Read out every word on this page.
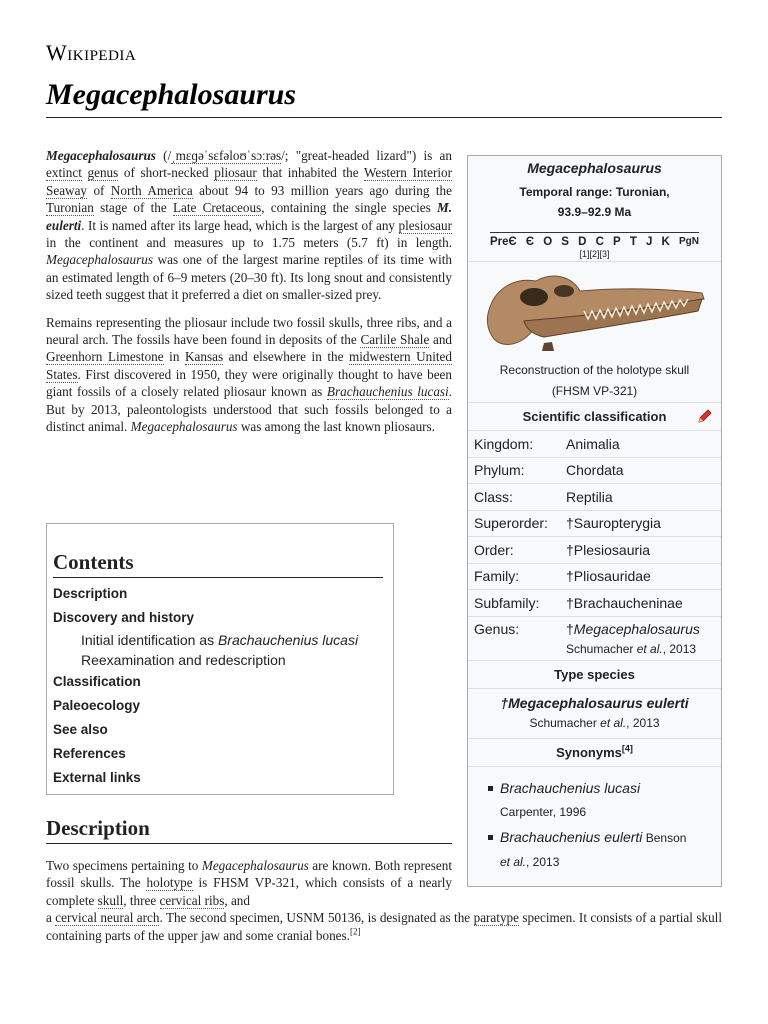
Wikipedia
Megacephalosaurus

Megacephalosaurus (/ˌmɛɡəˈsɛfəloʊˈsɔːrəs/; "great-headed lizard") is an extinct genus of short-necked pliosaur that inhabited the Western Interior Seaway of North America about 94 to 93 million years ago during the Turonian stage of the Late Cretaceous, containing the single species M. eulerti. It is named after its large head, which is the largest of any plesiosaur in the continent and measures up to 1.75 meters (5.7 ft) in length. Megacephalosaurus was one of the largest marine reptiles of its time with an estimated length of 6–9 meters (20–30 ft). Its long snout and consistently sized teeth suggest that it preferred a diet on smaller-sized prey.

Remains representing the pliosaur include two fossil skulls, three ribs, and a neural arch. The fossils have been found in deposits of the Carlile Shale and Greenhorn Limestone in Kansas and elsewhere in the midwestern United States. First discovered in 1950, they were originally thought to have been giant fossils of a closely related pliosaur known as Brachauchenius lucasi. But by 2013, paleontologists understood that such fossils belonged to a distinct animal. Megacephalosaurus was among the last known pliosaurs.

Megacephalosaurus
Temporal range: Turonian,
93.9–92.9 Ma
PreЄ Є O S D C P T J K PgN
[1][2][3]
Reconstruction of the holotype skull
(FHSM VP-321)
Scientific classification
Kingdom:	Animalia
Phylum:	Chordata
Class:	Reptilia
Superorder:	†Sauropterygia
Order:	†Plesiosauria
Family:	†Pliosauridae
Subfamily:	†Brachaucheninae
Genus:	†Megacephalosaurus
Schumacher et al., 2013
Type species
†Megacephalosaurus eulerti
Schumacher et al., 2013
Synonyms[4]
Brachauchenius lucasi
Carpenter, 1996
Brachauchenius eulerti Benson
et al., 2013
Contents
Description
Discovery and history
Initial identification as Brachauchenius lucasi
Reexamination and redescription
Classification
Paleoecology
See also
References
External links
Description
Two specimens pertaining to Megacephalosaurus are known. Both represent fossil skulls. The holotype is FHSM VP-321, which consists of a nearly complete skull, three cervical ribs, and
a cervical neural arch. The second specimen, USNM 50136, is designated as the paratype specimen. It consists of a partial skull containing parts of the upper jaw and some cranial bones.[2]
